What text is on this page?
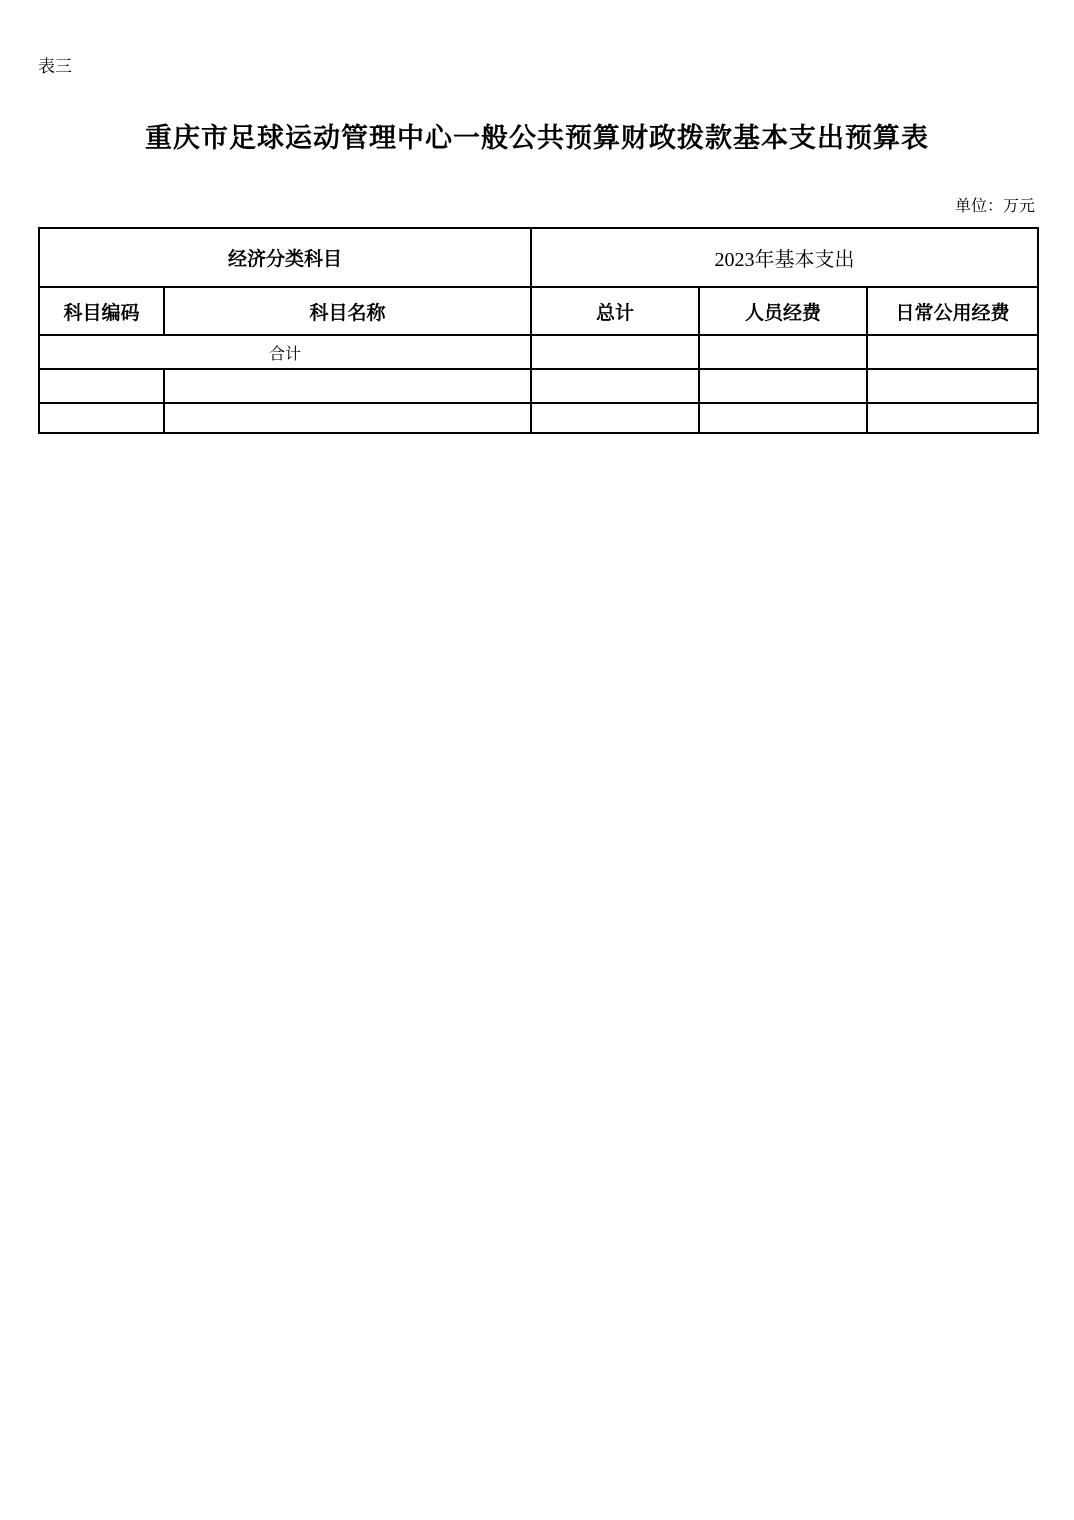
表三
重庆市足球运动管理中心一般公共预算财政拨款基本支出预算表
单位：万元
经济分类科目		2023年基本支出		
科目编码	科目名称	总计	人员经费	日常公用经费
合计				
